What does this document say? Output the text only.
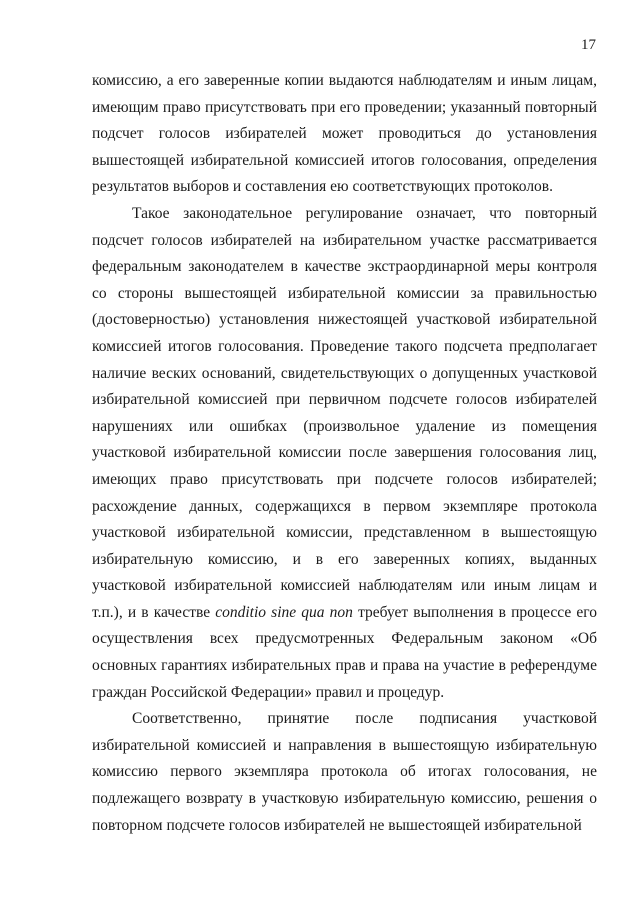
17

комиссию, а его заверенные копии выдаются наблюдателям и иным лицам, имеющим право присутствовать при его проведении; указанный повторный подсчет голосов избирателей может проводиться до установления вышестоящей избирательной комиссией итогов голосования, определения результатов выборов и составления ею соответствующих протоколов.

Такое законодательное регулирование означает, что повторный подсчет голосов избирателей на избирательном участке рассматривается федеральным законодателем в качестве экстраординарной меры контроля со стороны вышестоящей избирательной комиссии за правильностью (достоверностью) установления нижестоящей участковой избирательной комиссией итогов голосования. Проведение такого подсчета предполагает наличие веских оснований, свидетельствующих о допущенных участковой избирательной комиссией при первичном подсчете голосов избирателей нарушениях или ошибках (произвольное удаление из помещения участковой избирательной комиссии после завершения голосования лиц, имеющих право присутствовать при подсчете голосов избирателей; расхождение данных, содержащихся в первом экземпляре протокола участковой избирательной комиссии, представленном в вышестоящую избирательную комиссию, и в его заверенных копиях, выданных участковой избирательной комиссией наблюдателям или иным лицам и т.п.), и в качестве conditio sine qua non требует выполнения в процессе его осуществления всех предусмотренных Федеральным законом «Об основных гарантиях избирательных прав и права на участие в референдуме граждан Российской Федерации» правил и процедур.

Соответственно, принятие после подписания участковой избирательной комиссией и направления в вышестоящую избирательную комиссию первого экземпляра протокола об итогах голосования, не подлежащего возврату в участковую избирательную комиссию, решения о повторном подсчете голосов избирателей не вышестоящей избирательной
